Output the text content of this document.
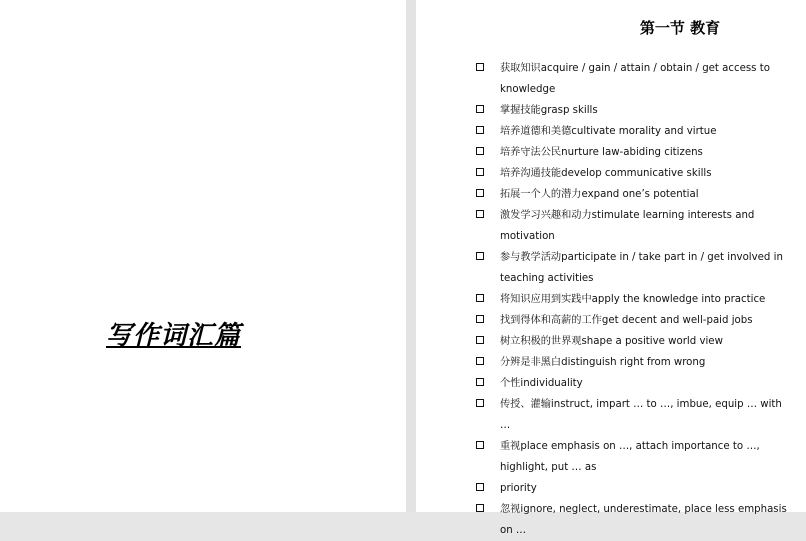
写作词汇篇
第一节 教育
获取知识acquire / gain / attain / obtain / get access to knowledge
掌握技能grasp skills
培养道德和美德cultivate morality and virtue
培养守法公民nurture law-abiding citizens
培养沟通技能develop communicative skills
拓展一个人的潜力expand one’s potential
激发学习兴趣和动力stimulate learning interests and motivation
参与教学活动participate in / take part in / get involved in teaching activities
将知识应用到实践中apply the knowledge into practice
找到得体和高薪的工作get decent and well-paid jobs
树立积极的世界观shape a positive world view
分辨是非黑白distinguish right from wrong
个性individuality
传授、灌输instruct, impart … to …, imbue, equip … with …
重视place emphasis on …, attach importance to …, highlight, put … as
priority
忽视ignore, neglect, underestimate, place less emphasis on …
